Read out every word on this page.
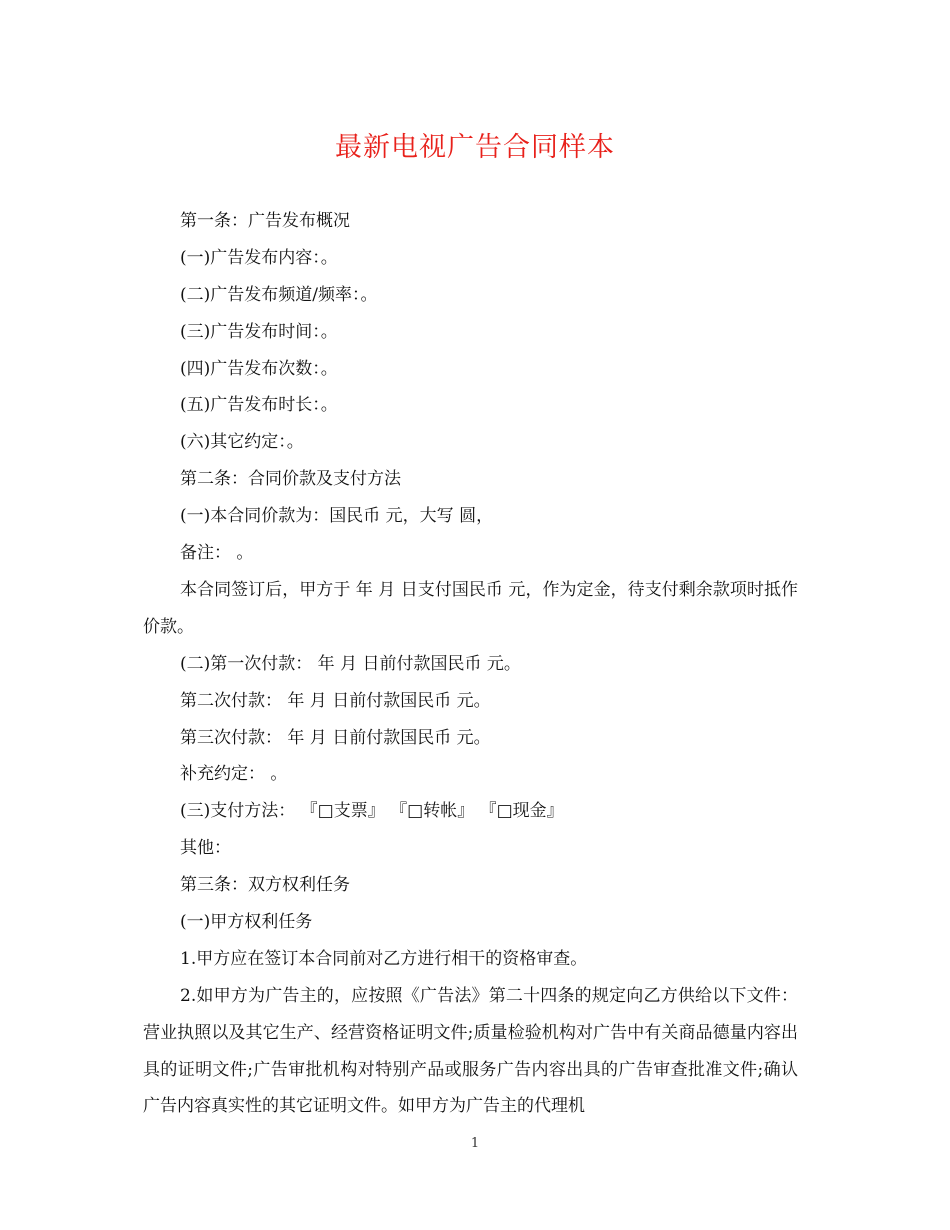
最新电视广告合同样本
第一条：广告发布概况
(一)广告发布内容：。
(二)广告发布频道/频率：。
(三)广告发布时间：。
(四)广告发布次数：。
(五)广告发布时长：。
(六)其它约定：。
第二条：合同价款及支付方法
(一)本合同价款为：国民币 元，大写 圆，
备注： 。
本合同签订后，甲方于 年 月 日支付国民币 元，作为定金，待支付剩余款项时抵作价款。
(二)第一次付款： 年 月 日前付款国民币 元。
第二次付款： 年 月 日前付款国民币 元。
第三次付款： 年 月 日前付款国民币 元。
补充约定： 。
(三)支付方法： 『□支票』 『□转帐』 『□现金』
其他：
第三条：双方权利任务
(一)甲方权利任务
1.甲方应在签订本合同前对乙方进行相干的资格审查。
2.如甲方为广告主的，应按照《广告法》第二十四条的规定向乙方供给以下文件：营业执照以及其它生产、经营资格证明文件;质量检验机构对广告中有关商品德量内容出具的证明文件;广告审批机构对特别产品或服务广告内容出具的广告审查批准文件;确认广告内容真实性的其它证明文件。如甲方为广告主的代理机
1
